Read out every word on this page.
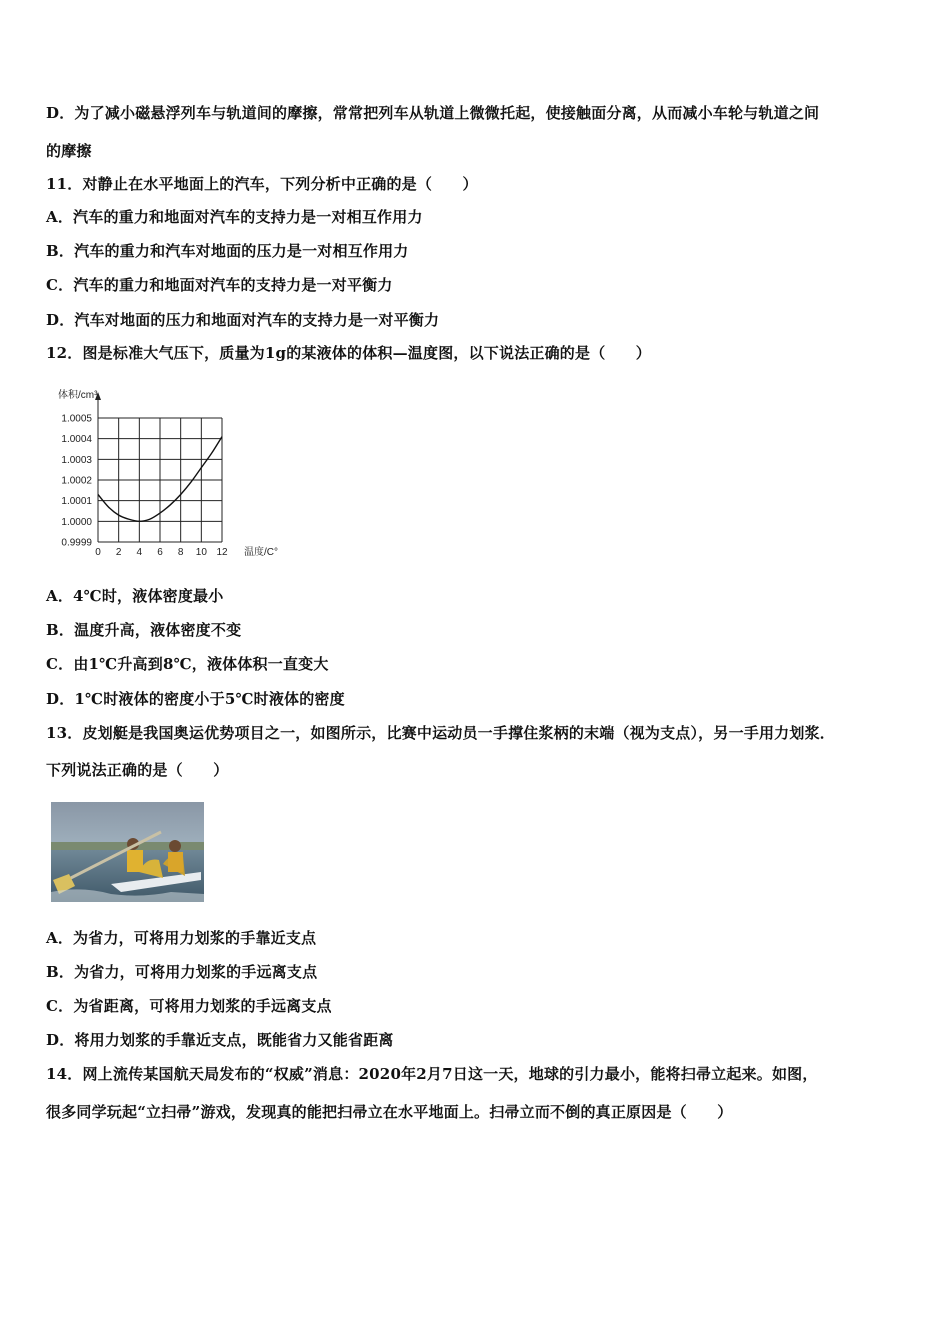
D．为了减小磁悬浮列车与轨道间的摩擦，常常把列车从轨道上微微托起，使接触面分离，从而减小车轮与轨道之间
的摩擦
11．对静止在水平地面上的汽车，下列分析中正确的是（　　）
A．汽车的重力和地面对汽车的支持力是一对相互作用力
B．汽车的重力和汽车对地面的压力是一对相互作用力
C．汽车的重力和地面对汽车的支持力是一对平衡力
D．汽车对地面的压力和地面对汽车的支持力是一对平衡力
12．图是标准大气压下，质量为1g的某液体的体积—温度图，以下说法正确的是（　　）
0.9999
1.0000
1.0001
1.0002
1.0003
1.0004
1.0005
0 2 4 6 8 10 12
体积/cm³
温度/C°
A．4℃时，液体密度最小
B．温度升高，液体密度不变
C．由1℃升高到8℃，液体体积一直变大
D．1℃时液体的密度小于5℃时液体的密度
13．皮划艇是我国奥运优势项目之一，如图所示，比赛中运动员一手撑住浆柄的末端（视为支点），另一手用力划浆．
下列说法正确的是（　　）
A．为省力，可将用力划浆的手靠近支点
B．为省力，可将用力划浆的手远离支点
C．为省距离，可将用力划浆的手远离支点
D．将用力划浆的手靠近支点，既能省力又能省距离
14．网上流传某国航天局发布的“权威”消息：2020年2月7日这一天，地球的引力最小，能将扫帚立起来。如图，
很多同学玩起“立扫帚”游戏，发现真的能把扫帚立在水平地面上。扫帚立而不倒的真正原因是（　　）
